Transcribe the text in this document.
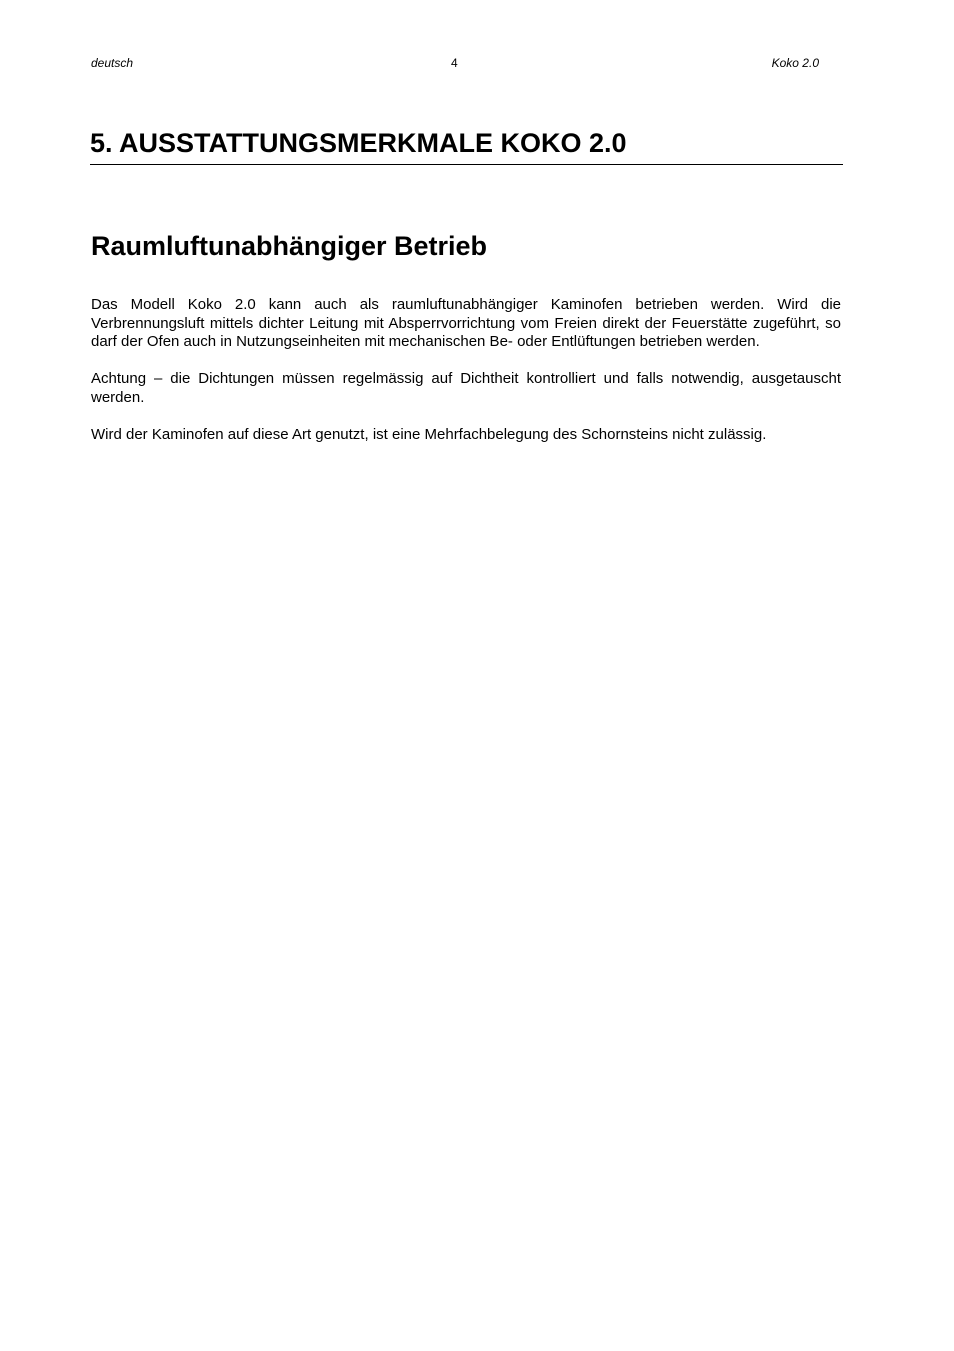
deutsch	4	Koko 2.0
5. AUSSTATTUNGSMERKMALE KOKO 2.0
Raumluftunabhängiger Betrieb

Das Modell Koko 2.0 kann auch als raumluftunabhängiger Kaminofen betrieben werden. Wird die Verbrennungsluft mittels dichter Leitung mit Absperrvorrichtung vom Freien direkt der Feuerstätte zugeführt, so darf der Ofen auch in Nutzungseinheiten mit mechanischen Be- oder Entlüftungen betrieben werden.

Achtung – die Dichtungen müssen regelmässig auf Dichtheit kontrolliert und falls notwendig, ausgetauscht werden.

Wird der Kaminofen auf diese Art genutzt, ist eine Mehrfachbelegung des Schornsteins nicht zulässig.
